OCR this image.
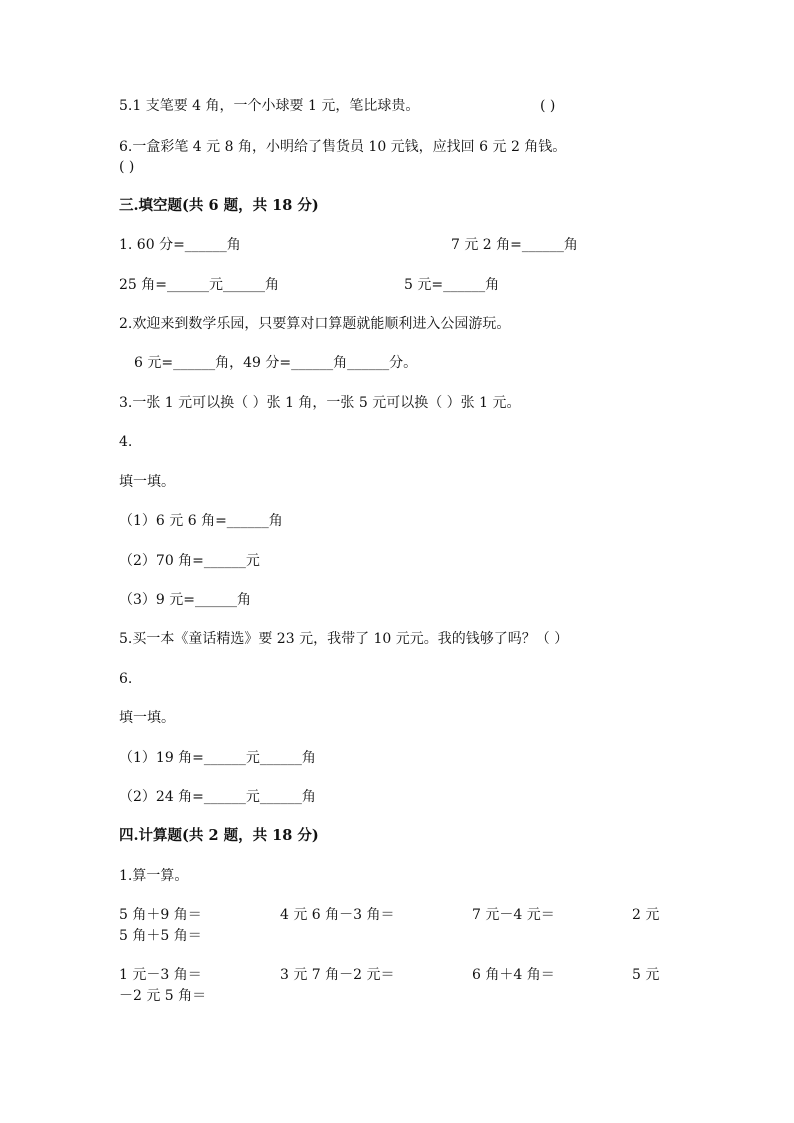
5.1 支笔要 4 角，一个小球要 1 元，笔比球贵。	( )
6.一盒彩笔 4 元 8 角，小明给了售货员 10 元钱，应找回 6 元 2 角钱。
( )
三.填空题(共 6 题，共 18 分)
1. 60 分=______角	7 元 2 角=______角
25 角=______元______角	5 元=______角
2.欢迎来到数学乐园，只要算对口算题就能顺利进入公园游玩。
6 元=______角，49 分=______角______分。
3.一张 1 元可以换（ ）张 1 角，一张 5 元可以换（ ）张 1 元。
4.
填一填。
（1）6 元 6 角=______角
（2）70 角=______元
（3）9 元=______角
5.买一本《童话精选》要 23 元，我带了 10 元元。我的钱够了吗？（ ）
6.
填一填。
（1）19 角=______元______角
（2）24 角=______元______角
四.计算题(共 2 题，共 18 分)
1.算一算。
5 角＋9 角＝	4 元 6 角－3 角＝	7 元－4 元＝	2 元
5 角＋5 角＝
1 元－3 角＝	3 元 7 角－2 元＝	6 角＋4 角＝	5 元
－2 元 5 角＝
